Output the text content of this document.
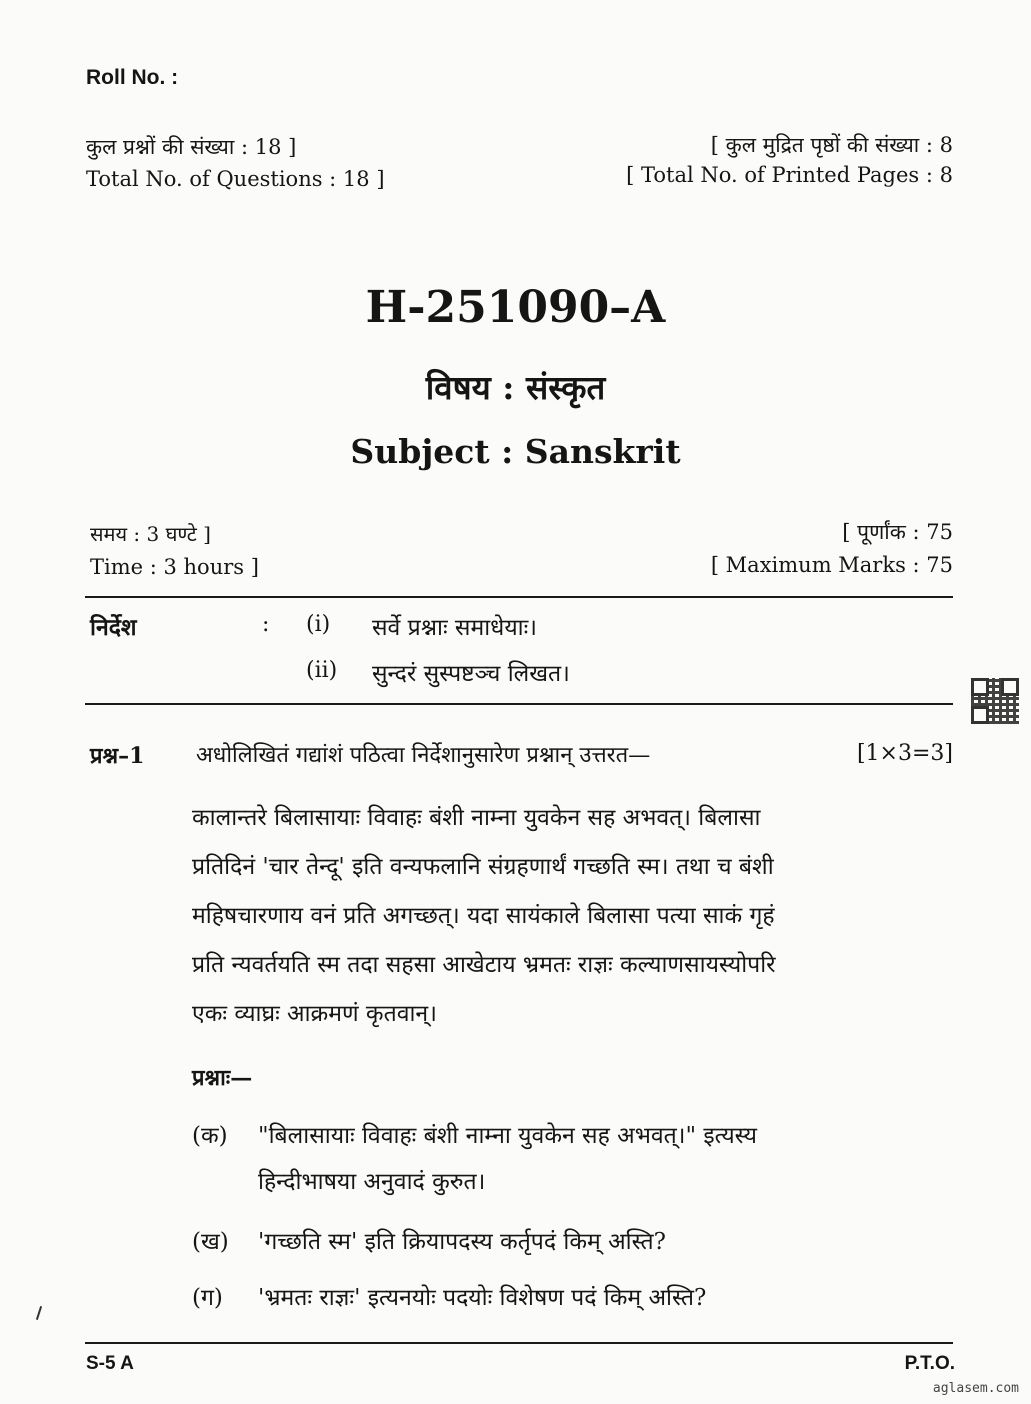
Roll No. :
कुल प्रश्नों की संख्या : 18 ]
Total No. of Questions : 18 ]
[ कुल मुद्रित पृष्ठों की संख्या : 8
[ Total No. of Printed Pages : 8
H-251090–A
विषय : संस्कृत
Subject : Sanskrit
समय : 3 घण्टे ]
Time : 3 hours ]
[ पूर्णांक : 75
[ Maximum Marks : 75
निर्देश	: (i) सर्वे प्रश्नाः समाधेयाः।
(ii) सुन्दरं सुस्पष्टञ्च लिखत।
प्रश्न–1 अधोलिखितं गद्यांशं पठित्वा निर्देशानुसारेण प्रश्नान् उत्तरत—	[1×3=3]
कालान्तरे बिलासायाः विवाहः बंशी नाम्ना युवकेन सह अभवत्। बिलासा
प्रतिदिनं 'चार तेन्दू' इति वन्यफलानि संग्रहणार्थं गच्छति स्म। तथा च बंशी
महिषचारणाय वनं प्रति अगच्छत्। यदा सायंकाले बिलासा पत्या साकं गृहं
प्रति न्यवर्तयति स्म तदा सहसा आखेटाय भ्रमतः राज्ञः कल्याणसायस्योपरि
एकः व्याघ्रः आक्रमणं कृतवान्।
प्रश्नाः—
(क) "बिलासायाः विवाहः बंशी नाम्ना युवकेन सह अभवत्।" इत्यस्य
हिन्दीभाषया अनुवादं कुरुत।
(ख) 'गच्छति स्म' इति क्रियापदस्य कर्तृपदं किम् अस्ति?
(ग) 'भ्रमतः राज्ञः' इत्यनयोः पदयोः विशेषण पदं किम् अस्ति?
S-5 A	P.T.O.
aglasem.com
